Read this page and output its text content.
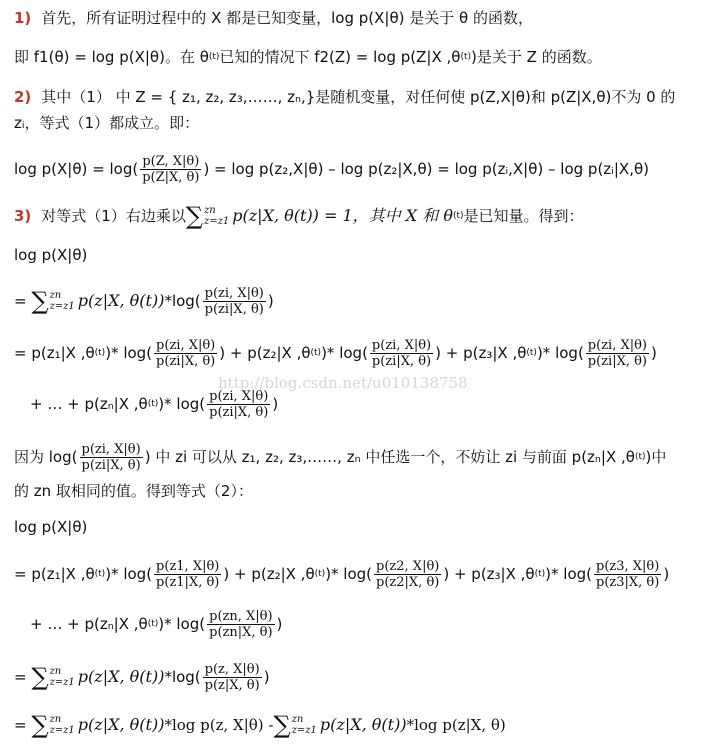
1) 首先，所有证明过程中的 X 都是已知变量，log p(X|θ) 是关于 θ 的函数，
即 f1(θ) = log p(X|θ)。在 θ (t) 已知的情况下 f2(Z) = log p(Z|X ,θ (t) )是关于 Z 的函数。
2) 其中（1） 中 Z = { z₁, z₂, z₃,……, zₙ,}是随机变量，对任何使 p(Z,X|θ)和 p(Z|X,θ)不为 0 的
zᵢ，等式（1）都成立。即：
$\log p(X|\theta) = \log( \frac{p(Z, X|\theta)}{p(Z|X, \theta)}$ ) = log p(z₂,X|θ) – log p(z₂|X,θ) = log p(zᵢ,X|θ) – log p(zᵢ|X,θ)
3) 对等式（1）右边乘以 ∑ zn
z=z1 p(z|X, θ(t)) = 1，其中 X 和 θ (t) 是已知量。得到：
log p(X|θ)
=
∑ zn
z=z1 p(z|X, θ(t)) $*\log( \frac{p(zi, X|\theta)}{p(zi|X, \theta)}$ )
= p(z₁|X ,θ (t) )* $\log( \frac{p(zi, X|\theta)}{p(zi|X, \theta)}$ ) + p(z₂|X ,θ (t) )* $\log( \frac{p(zi, X|\theta)}{p(zi|X, \theta)}$ ) + p(z₃|X ,θ (t) )* $\log( \frac{p(zi, X|\theta)}{p(zi|X, \theta)}$ )
http://blog.csdn.net/u010138758
+ … + p(zₙ|X ,θ (t) )* $\log( \frac{p(zi, X|\theta)}{p(zi|X, \theta)}$ )
因为 $\log( \frac{p(zi, X|\theta)}{p(zi|X, \theta)}$ ) 中 zi 可以从 z₁, z₂, z₃,……, zₙ 中任选一个，不妨让 zi 与前面 p(zₙ|X ,θ (t) )中
的 zn 取相同的值。得到等式（2）：
log p(X|θ)
= p(z₁|X ,θ (t) )* $\log( \frac{p(z1, X|\theta)}{p(z1|X, \theta)}$ ) + p(z₂|X ,θ (t) )* $\log( \frac{p(z2, X|\theta)}{p(z2|X, \theta)}$ ) + p(z₃|X ,θ (t) )* $\log( \frac{p(z3, X|\theta)}{p(z3|X, \theta)}$ )
+ … + p(zₙ|X ,θ (t) )* $\log( \frac{p(zn, X|\theta)}{p(zn|X, \theta)}$ )
=
∑ zn
z=z1 p(z|X, θ(t)) $*\log( \frac{p(z, X|\theta)}{p(z|X, \theta)}$ )
=
∑ zn
z=z1 p(z|X, θ(t)) *log p(z, X|θ) - ∑ zn
z=z1 p(z|X, θ(t)) *log p(z|X, θ)
